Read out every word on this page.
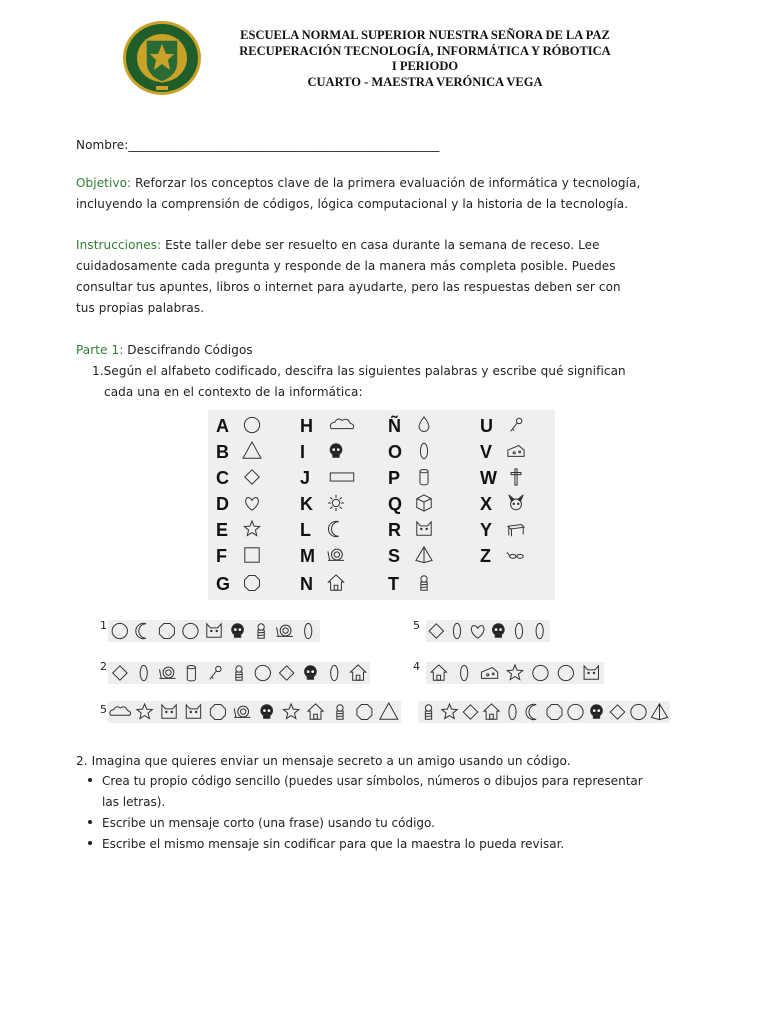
ESCUELA NORMAL SUPERIOR NUESTRA SEÑORA DE LA PAZ
RECUPERACIÓN TECNOLOGÍA, INFORMÁTICA Y RÓBOTICA
I PERIODO
CUARTO - MAESTRA VERÓNICA VEGA
Nombre:___________________________________________________
Objetivo: Reforzar los conceptos clave de la primera evaluación de informática y tecnología,
incluyendo la comprensión de códigos, lógica computacional y la historia de la tecnología.
Instrucciones: Este taller debe ser resuelto en casa durante la semana de receso. Lee
cuidadosamente cada pregunta y responde de la manera más completa posible. Puedes
consultar tus apuntes, libros o internet para ayudarte, pero las respuestas deben ser con
tus propias palabras.
Parte 1: Descifrando Códigos
1.Según el alfabeto codificado, descifra las siguientes palabras y escribe qué significan
cada una en el contexto de la informática:
A
B
C
D
E
F
G
H
I
J
K
L
M
N
Ñ
O
P
Q
R
S
T
U
V
W
X
Y
Z
1	5
2	4
5
2. Imagina que quieres enviar un mensaje secreto a un amigo usando un código.
Crea tu propio código sencillo (puedes usar símbolos, números o dibujos para representar
las letras).
Escribe un mensaje corto (una frase) usando tu código.
Escribe el mismo mensaje sin codificar para que la maestra lo pueda revisar.
